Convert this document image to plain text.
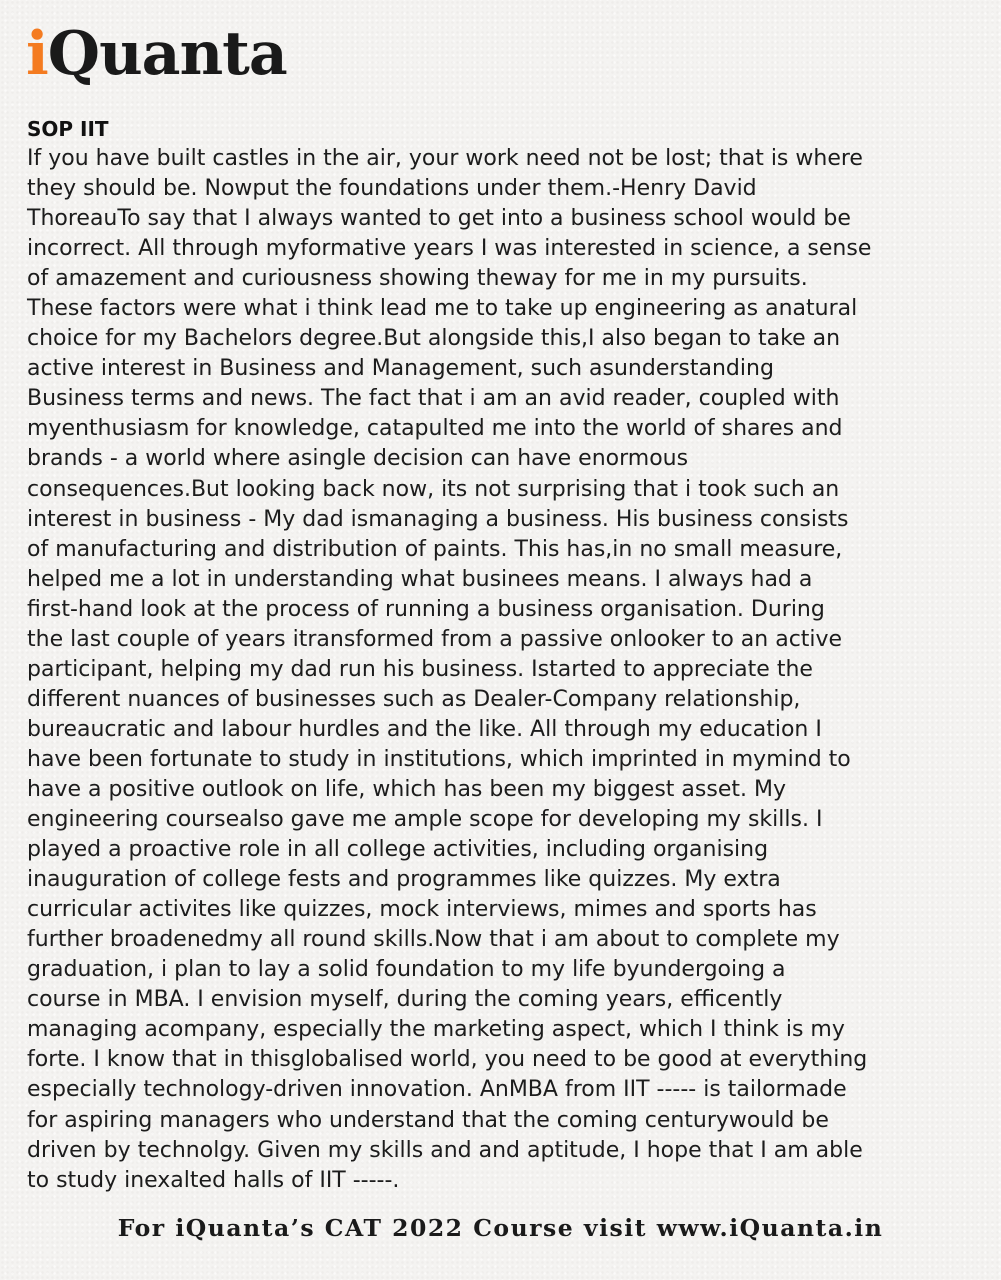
iQuanta
SOP IIT
If you have built castles in the air, your work need not be lost; that is where
they should be. Nowput the foundations under them.-Henry David
ThoreauTo say that I always wanted to get into a business school would be
incorrect. All through myformative years I was interested in science, a sense
of amazement and curiousness showing theway for me in my pursuits.
These factors were what i think lead me to take up engineering as anatural
choice for my Bachelors degree.But alongside this,I also began to take an
active interest in Business and Management, such asunderstanding
Business terms and news. The fact that i am an avid reader, coupled with
myenthusiasm for knowledge, catapulted me into the world of shares and
brands - a world where asingle decision can have enormous
consequences.But looking back now, its not surprising that i took such an
interest in business - My dad ismanaging a business. His business consists
of manufacturing and distribution of paints. This has,in no small measure,
helped me a lot in understanding what businees means. I always had a
first-hand look at the process of running a business organisation. During
the last couple of years itransformed from a passive onlooker to an active
participant, helping my dad run his business. Istarted to appreciate the
different nuances of businesses such as Dealer-Company relationship,
bureaucratic and labour hurdles and the like. All through my education I
have been fortunate to study in institutions, which imprinted in mymind to
have a positive outlook on life, which has been my biggest asset. My
engineering coursealso gave me ample scope for developing my skills. I
played a proactive role in all college activities, including organising
inauguration of college fests and programmes like quizzes. My extra
curricular activites like quizzes, mock interviews, mimes and sports has
further broadenedmy all round skills.Now that i am about to complete my
graduation, i plan to lay a solid foundation to my life byundergoing a
course in MBA. I envision myself, during the coming years, efficently
managing acompany, especially the marketing aspect, which I think is my
forte. I know that in thisglobalised world, you need to be good at everything
especially technology-driven innovation. AnMBA from IIT ----- is tailormade
for aspiring managers who understand that the coming centurywould be
driven by technolgy. Given my skills and and aptitude, I hope that I am able
to study inexalted halls of IIT -----.
For iQuanta’s CAT 2022 Course visit www.iQuanta.in
